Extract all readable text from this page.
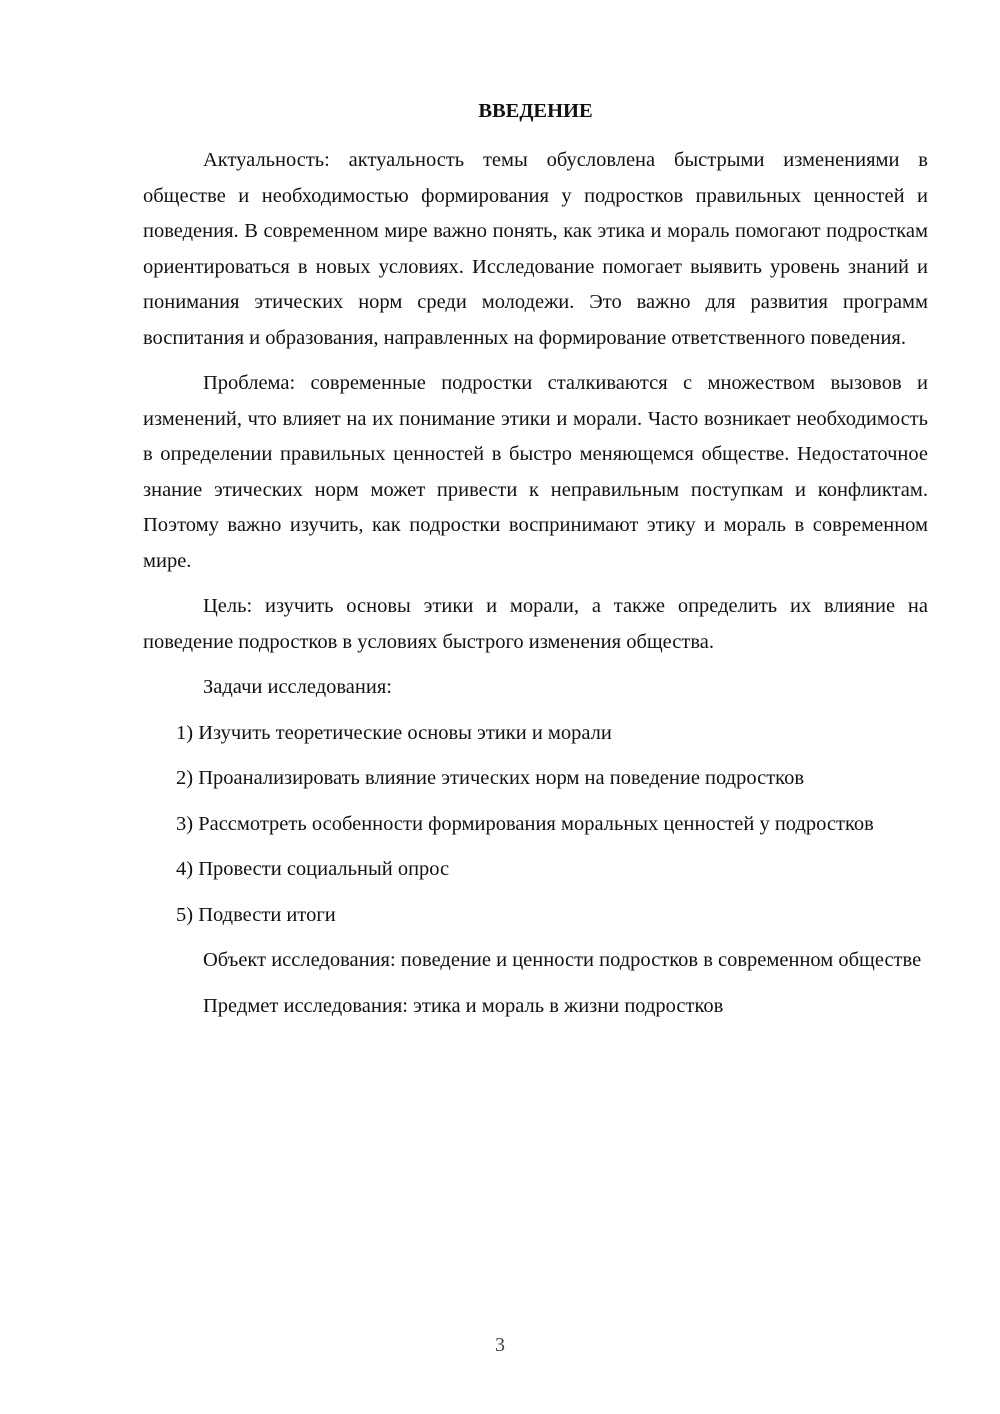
ВВЕДЕНИЕ

Актуальность: актуальность темы обусловлена быстрыми изменениями в обществе и необходимостью формирования у подростков правильных ценностей и поведения. В современном мире важно понять, как этика и мораль помогают подросткам ориентироваться в новых условиях. Исследование помогает выявить уровень знаний и понимания этических норм среди молодежи. Это важно для развития программ воспитания и образования, направленных на формирование ответственного поведения.

Проблема: современные подростки сталкиваются с множеством вызовов и изменений, что влияет на их понимание этики и морали. Часто возникает необходимость в определении правильных ценностей в быстро меняющемся обществе. Недостаточное знание этических норм может привести к неправильным поступкам и конфликтам. Поэтому важно изучить, как подростки воспринимают этику и мораль в современном мире.

Цель: изучить основы этики и морали, а также определить их влияние на поведение подростков в условиях быстрого изменения общества.

Задачи исследования:

1) Изучить теоретические основы этики и морали

2) Проанализировать влияние этических норм на поведение подростков

3) Рассмотреть особенности формирования моральных ценностей у подростков

4) Провести социальный опрос

5) Подвести итоги

Объект исследования: поведение и ценности подростков в современном обществе

Предмет исследования: этика и мораль в жизни подростков

3
